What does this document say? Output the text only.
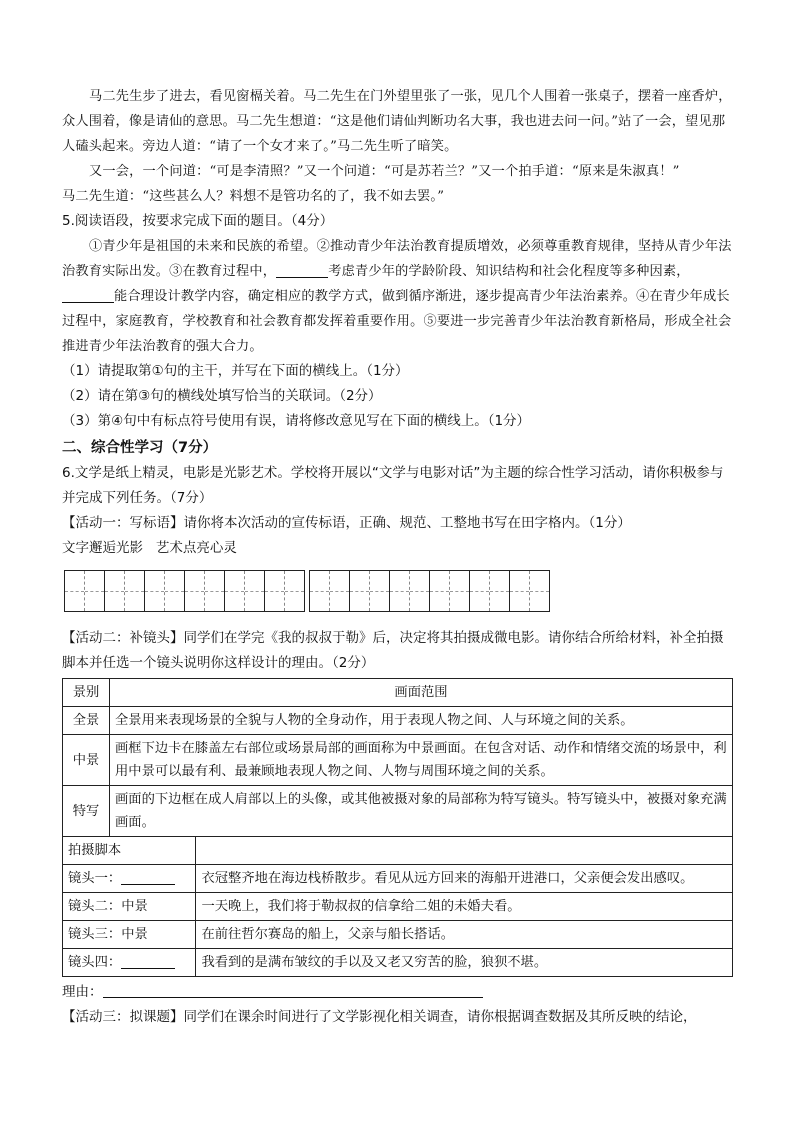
马二先生步了进去，看见窗槅关着。马二先生在门外望里张了一张，见几个人围着一张桌子，摆着一座香炉，众人围着，像是请仙的意思。马二先生想道：“这是他们请仙判断功名大事，我也进去问一问。”站了一会，望见那人磕头起来。旁边人道：“请了一个女才来了。”马二先生听了暗笑。

又一会，一个问道：“可是李清照？”又一个问道：“可是苏若兰？”又一个拍手道：“原来是朱淑真！”

马二先生道：“这些甚么人？料想不是管功名的了，我不如去罢。”

5.阅读语段，按要求完成下面的题目。（4分）

①青少年是祖国的未来和民族的希望。②推动青少年法治教育提质增效，必须尊重教育规律，坚持从青少年法治教育实际出发。③在教育过程中，	考虑青少年的学龄阶段、知识结构和社会化程度等多种因素，能合理设计教学内容，确定相应的教学方式，做到循序渐进，逐步提高青少年法治素养。④在青少年成长过程中，家庭教育，学校教育和社会教育都发挥着重要作用。⑤要进一步完善青少年法治教育新格局，形成全社会推进青少年法治教育的强大合力。

（1）请提取第①句的主干，并写在下面的横线上。（1分）

（2）请在第③句的横线处填写恰当的关联词。（2分）

（3）第④句中有标点符号使用有误，请将修改意见写在下面的横线上。（1分）

二、综合性学习（7分）

6.文学是纸上精灵，电影是光影艺术。学校将开展以“文学与电影对话”为主题的综合性学习活动，请你积极参与并完成下列任务。（7分）

【活动一：写标语】请你将本次活动的宣传标语，正确、规范、工整地书写在田字格内。（1分）

文字邂逅光影   艺术点亮心灵

【活动二：补镜头】同学们在学完《我的叔叔于勒》后，决定将其拍摄成微电影。请你结合所给材料，补全拍摄脚本并任选一个镜头说明你这样设计的理由。（2分）

景别	画面范围	
全景	全景用来表现场景的全貌与人物的全身动作，用于表现人物之间、人与环境之间的关系。	
中景	画框下边卡在膝盖左右部位或场景局部的画面称为中景画面。在包含对话、动作和情绪交流的场景中，利用中景可以最有利、最兼顾地表现人物之间、人物与周围环境之间的关系。	
特写	画面的下边框在成人肩部以上的头像，或其他被摄对象的局部称为特写镜头。特写镜头中，被摄对象充满画面。	
拍摄脚本		
镜头一：		衣冠整齐地在海边栈桥散步。看见从远方回来的海船开进港口，父亲便会发出感叹。
镜头二：中景		一天晚上，我们将于勒叔叔的信拿给二姐的未婚夫看。
镜头三：中景		在前往哲尔赛岛的船上，父亲与船长搭话。
镜头四：		我看到的是满布皱纹的手以及又老又穷苦的脸，狼狈不堪。

理由：

【活动三：拟课题】同学们在课余时间进行了文学影视化相关调查，请你根据调查数据及其所反映的结论，
